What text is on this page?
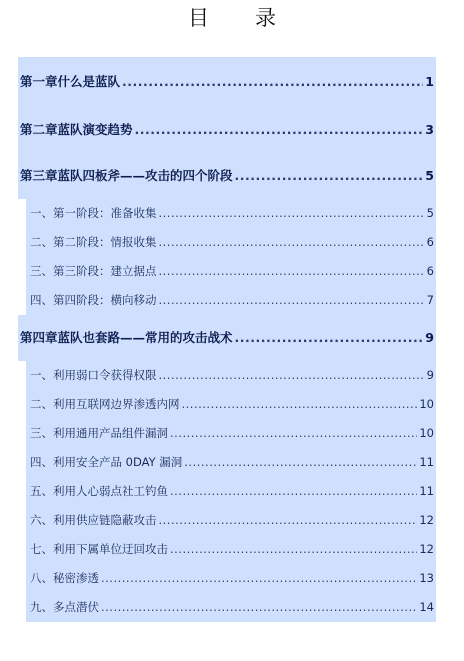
目录
第一章 什么是蓝队 .....	1
第二章 蓝队演变趋势 .....	3
第三章 蓝队四板斧——攻击的四个阶段 .....	5
一、 第一阶段：准备收集 .....	5
二、 第二阶段：情报收集 .....	6
三、 第三阶段：建立据点 .....	6
四、 第四阶段：横向移动 .....	7
第四章 蓝队也套路——常用的攻击战术 .....	9
一、 利用弱口令获得权限 .....	9
二、 利用互联网边界渗透内网 .....	10
三、 利用通用产品组件漏洞 .....	10
四、 利用安全产品 0DAY 漏洞 .....	11
五、 利用人心弱点社工钓鱼 .....	11
六、 利用供应链隐蔽攻击 .....	12
七、 利用下属单位迂回攻击 .....	12
八、 秘密渗透 .....	13
九、 多点潜伏 .....	14
